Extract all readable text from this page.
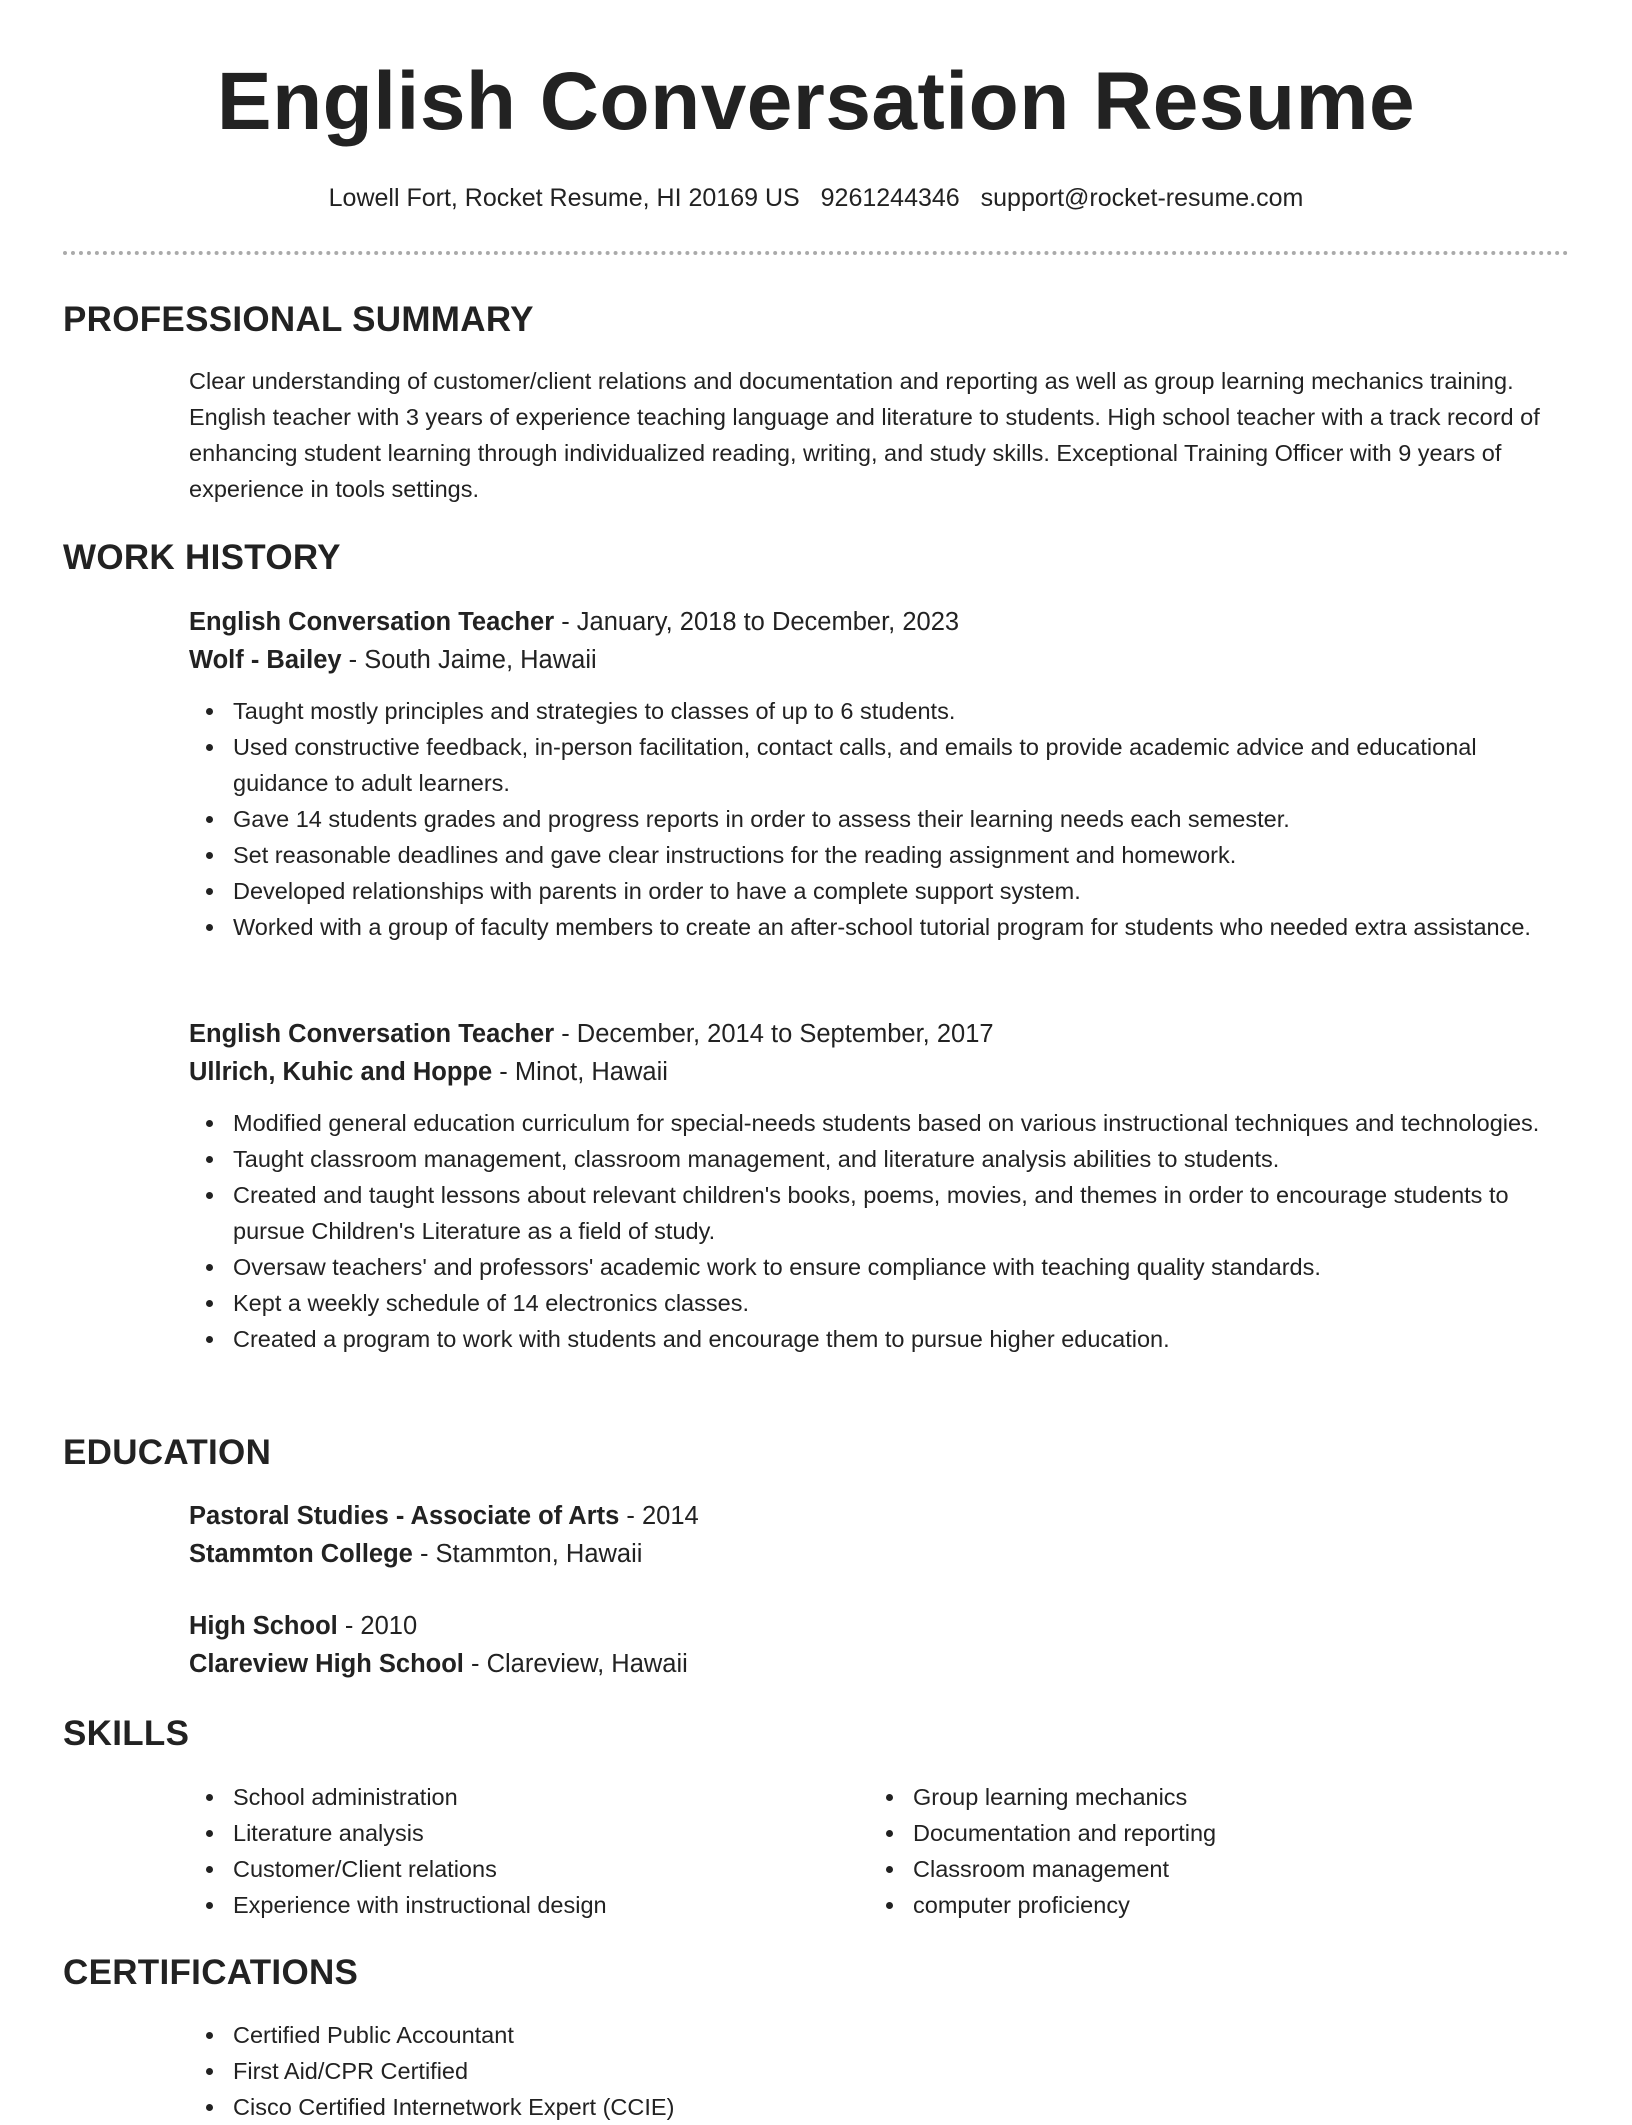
English Conversation Resume
Lowell Fort, Rocket Resume, HI 20169 US 9261244346 support@rocket-resume.com
PROFESSIONAL SUMMARY

Clear understanding of customer/client relations and documentation and reporting as well as group learning mechanics training. English teacher with 3 years of experience teaching language and literature to students. High school teacher with a track record of enhancing student learning through individualized reading, writing, and study skills. Exceptional Training Officer with 9 years of experience in tools settings.

WORK HISTORY

English Conversation Teacher - January, 2018 to December, 2023

Wolf - Bailey - South Jaime, Hawaii

Taught mostly principles and strategies to classes of up to 6 students.
Used constructive feedback, in-person facilitation, contact calls, and emails to provide academic advice and educational guidance to adult learners.
Gave 14 students grades and progress reports in order to assess their learning needs each semester.
Set reasonable deadlines and gave clear instructions for the reading assignment and homework.
Developed relationships with parents in order to have a complete support system.
Worked with a group of faculty members to create an after-school tutorial program for students who needed extra assistance.

English Conversation Teacher - December, 2014 to September, 2017

Ullrich, Kuhic and Hoppe - Minot, Hawaii

Modified general education curriculum for special-needs students based on various instructional techniques and technologies.
Taught classroom management, classroom management, and literature analysis abilities to students.
Created and taught lessons about relevant children's books, poems, movies, and themes in order to encourage students to pursue Children's Literature as a field of study.
Oversaw teachers' and professors' academic work to ensure compliance with teaching quality standards.
Kept a weekly schedule of 14 electronics classes.
Created a program to work with students and encourage them to pursue higher education.
EDUCATION

Pastoral Studies - Associate of Arts - 2014

Stammton College - Stammton, Hawaii

High School - 2010

Clareview High School - Clareview, Hawaii

SKILLS
School administration
Literature analysis
Customer/Client relations
Experience with instructional design
Group learning mechanics
Documentation and reporting
Classroom management
computer proficiency
CERTIFICATIONS
Certified Public Accountant
First Aid/CPR Certified
Cisco Certified Internetwork Expert (CCIE)
